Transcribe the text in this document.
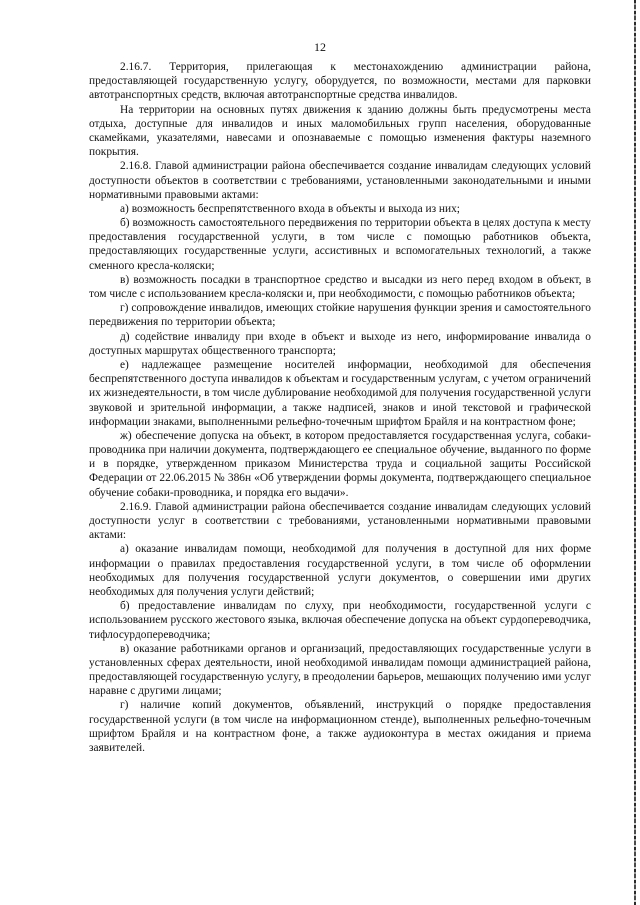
12

2.16.7. Территория, прилегающая к местонахождению администрации района, предоставляющей государственную услугу, оборудуется, по возможности, местами для парковки автотранспортных средств, включая автотранспортные средства инвалидов.

На территории на основных путях движения к зданию должны быть предусмотрены места отдыха, доступные для инвалидов и иных маломобильных групп населения, оборудованные скамейками, указателями, навесами и опознаваемые с помощью изменения фактуры наземного покрытия.

2.16.8. Главой администрации района обеспечивается создание инвалидам следующих условий доступности объектов в соответствии с требованиями, установленными законодательными и иными нормативными правовыми актами:

а) возможность беспрепятственного входа в объекты и выхода из них;

б) возможность самостоятельного передвижения по территории объекта в целях доступа к месту предоставления государственной услуги, в том числе с помощью работников объекта, предоставляющих государственные услуги, ассистивных и вспомогательных технологий, а также сменного кресла-коляски;

в) возможность посадки в транспортное средство и высадки из него перед входом в объект, в том числе с использованием кресла-коляски и, при необходимости, с помощью работников объекта;

г) сопровождение инвалидов, имеющих стойкие нарушения функции зрения и самостоятельного передвижения по территории объекта;

д) содействие инвалиду при входе в объект и выходе из него, информирование инвалида о доступных маршрутах общественного транспорта;

е) надлежащее размещение носителей информации, необходимой для обеспечения беспрепятственного доступа инвалидов к объектам и государственным услугам, с учетом ограничений их жизнедеятельности, в том числе дублирование необходимой для получения государственной услуги звуковой и зрительной информации, а также надписей, знаков и иной текстовой и графической информации знаками, выполненными рельефно-точечным шрифтом Брайля и на контрастном фоне;

ж) обеспечение допуска на объект, в котором предоставляется государственная услуга, собаки-проводника при наличии документа, подтверждающего ее специальное обучение, выданного по форме и в порядке, утвержденном приказом Министерства труда и социальной защиты Российской Федерации от 22.06.2015 № 386н «Об утверждении формы документа, подтверждающего специальное обучение собаки-проводника, и порядка его выдачи».

2.16.9. Главой администрации района обеспечивается создание инвалидам следующих условий доступности услуг в соответствии с требованиями, установленными нормативными правовыми актами:

а) оказание инвалидам помощи, необходимой для получения в доступной для них форме информации о правилах предоставления государственной услуги, в том числе об оформлении необходимых для получения государственной услуги документов, о совершении ими других необходимых для получения услуги действий;

б) предоставление инвалидам по слуху, при необходимости, государственной услуги с использованием русского жестового языка, включая обеспечение допуска на объект сурдопереводчика, тифлосурдопереводчика;

в) оказание работниками органов и организаций, предоставляющих государственные услуги в установленных сферах деятельности, иной необходимой инвалидам помощи администрацией района, предоставляющей государственную услугу, в преодолении барьеров, мешающих получению ими услуг наравне с другими лицами;

г) наличие копий документов, объявлений, инструкций о порядке предоставления государственной услуги (в том числе на информационном стенде), выполненных рельефно-точечным шрифтом Брайля и на контрастном фоне, а также аудиоконтура в местах ожидания и приема заявителей.
